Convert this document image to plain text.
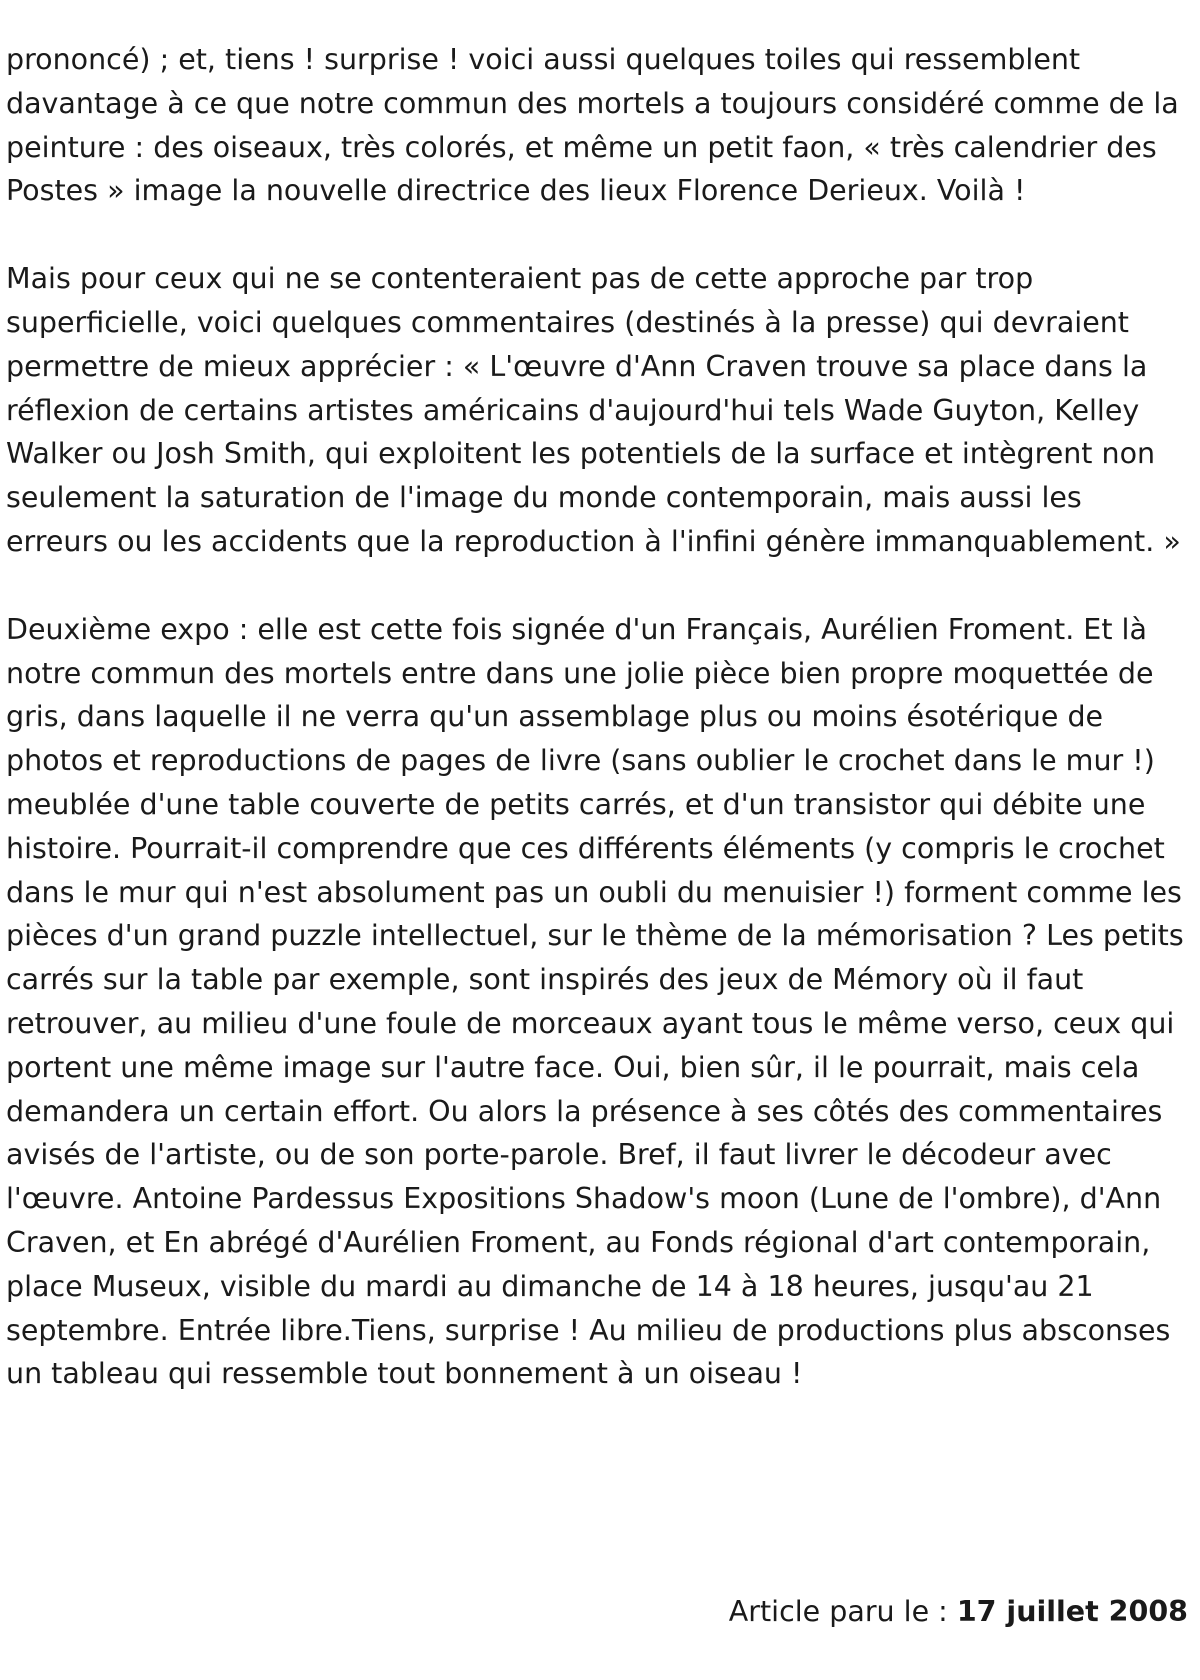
prononcé) ; et, tiens ! surprise ! voici aussi quelques toiles qui ressemblent davantage à ce que notre commun des mortels a toujours considéré comme de la peinture : des oiseaux, très colorés, et même un petit faon, « très calendrier des Postes » image la nouvelle directrice des lieux Florence Derieux. Voilà !

Mais pour ceux qui ne se contenteraient pas de cette approche par trop superficielle, voici quelques commentaires (destinés à la presse) qui devraient permettre de mieux apprécier : « L'œuvre d'Ann Craven trouve sa place dans la réflexion de certains artistes américains d'aujourd'hui tels Wade Guyton, Kelley Walker ou Josh Smith, qui exploitent les potentiels de la surface et intègrent non seulement la saturation de l'image du monde contemporain, mais aussi les erreurs ou les accidents que la reproduction à l'infini génère immanquablement. »

Deuxième expo : elle est cette fois signée d'un Français, Aurélien Froment. Et là notre commun des mortels entre dans une jolie pièce bien propre moquettée de gris, dans laquelle il ne verra qu'un assemblage plus ou moins ésotérique de photos et reproductions de pages de livre (sans oublier le crochet dans le mur !) meublée d'une table couverte de petits carrés, et d'un transistor qui débite une histoire. Pourrait-il comprendre que ces différents éléments (y compris le crochet dans le mur qui n'est absolument pas un oubli du menuisier !) forment comme les pièces d'un grand puzzle intellectuel, sur le thème de la mémorisation ? Les petits carrés sur la table par exemple, sont inspirés des jeux de Mémory où il faut retrouver, au milieu d'une foule de morceaux ayant tous le même verso, ceux qui portent une même image sur l'autre face. Oui, bien sûr, il le pourrait, mais cela demandera un certain effort. Ou alors la présence à ses côtés des commentaires avisés de l'artiste, ou de son porte-parole. Bref, il faut livrer le décodeur avec l'œuvre. Antoine Pardessus Expositions Shadow's moon (Lune de l'ombre), d'Ann Craven, et En abrégé d'Aurélien Froment, au Fonds régional d'art contemporain, place Museux, visible du mardi au dimanche de 14 à 18 heures, jusqu'au 21 septembre. Entrée libre.Tiens, surprise ! Au milieu de productions plus absconses un tableau qui ressemble tout bonnement à un oiseau !

Article paru le : 17 juillet 2008
